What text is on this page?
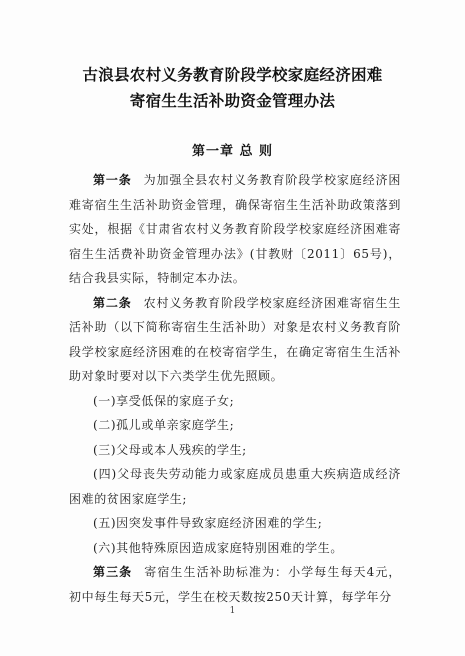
古浪县农村义务教育阶段学校家庭经济困难
寄宿生生活补助资金管理办法
第一章 总 则

第一条 为加强全县农村义务教育阶段学校家庭经济困难寄宿生生活补助资金管理，确保寄宿生生活补助政策落到实处，根据《甘肃省农村义务教育阶段学校家庭经济困难寄宿生生活费补助资金管理办法》(甘教财〔2011〕65号)，结合我县实际，特制定本办法。

第二条 农村义务教育阶段学校家庭经济困难寄宿生生活补助（以下简称寄宿生生活补助）对象是农村义务教育阶段学校家庭经济困难的在校寄宿学生，在确定寄宿生生活补助对象时要对以下六类学生优先照顾。

(一)享受低保的家庭子女;

(二)孤儿或单亲家庭学生;

(三)父母或本人残疾的学生;

(四)父母丧失劳动能力或家庭成员患重大疾病造成经济困难的贫困家庭学生;

(五)因突发事件导致家庭经济困难的学生;

(六)其他特殊原因造成家庭特别困难的学生。

第三条 寄宿生生活补助标准为：小学每生每天4元，初中每生每天5元，学生在校天数按250天计算，每学年分

1
